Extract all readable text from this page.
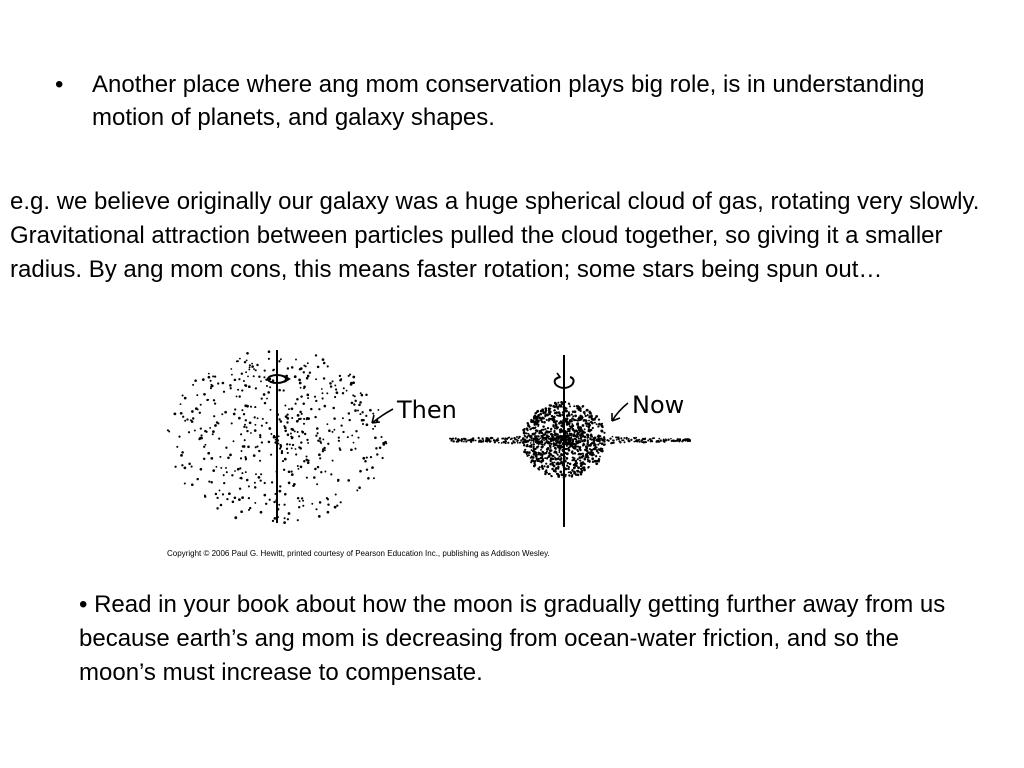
•	Another place where ang mom conservation plays big role, is in understanding motion of planets, and galaxy shapes.
e.g. we believe originally our galaxy was a huge spherical cloud of gas, rotating very slowly. Gravitational attraction between particles pulled the cloud together, so giving it a smaller radius. By ang mom cons, this means faster rotation; some stars being spun out…
Then	Now
Copyright © 2006 Paul G. Hewitt, printed courtesy of Pearson Education Inc., publishing as Addison Wesley.
• Read in your book about how the moon is gradually getting further away from us because earth’s ang mom is decreasing from ocean-water friction, and so the moon’s must increase to compensate.
